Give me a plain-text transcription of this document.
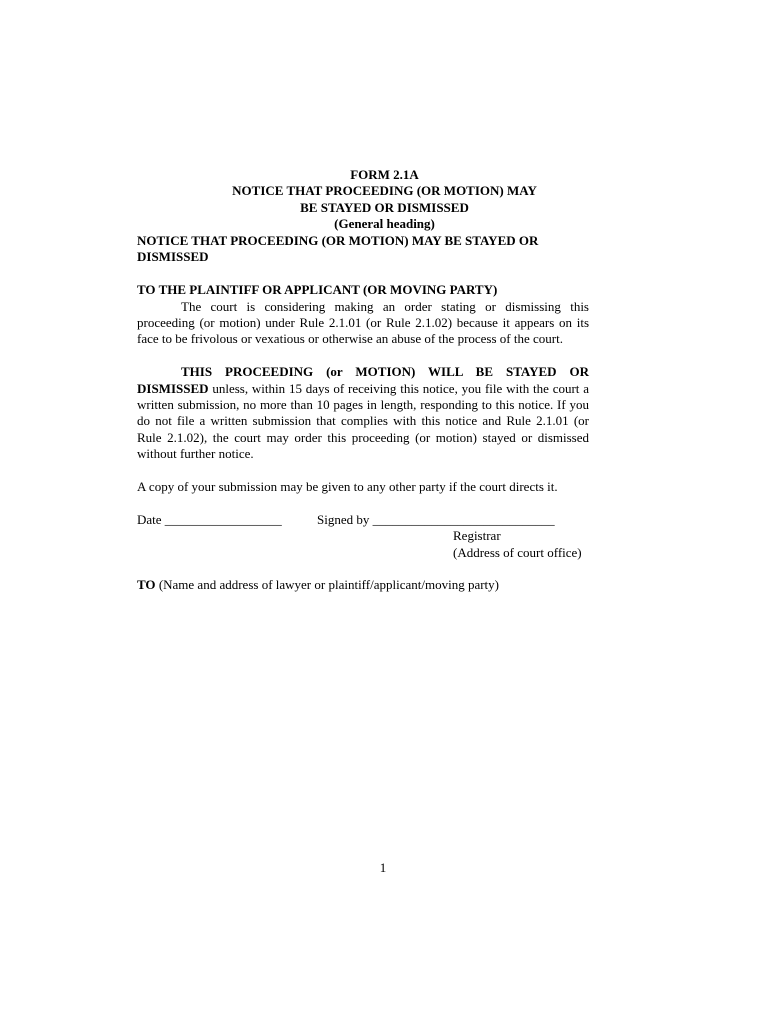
FORM 2.1A
NOTICE THAT PROCEEDING (OR MOTION) MAY
BE STAYED OR DISMISSED
(General heading)
NOTICE THAT PROCEEDING (OR MOTION) MAY BE STAYED OR
DISMISSED
TO THE PLAINTIFF OR APPLICANT (OR MOVING PARTY)

The court is considering making an order stating or dismissing this proceeding (or motion) under Rule 2.1.01 (or Rule 2.1.02) because it appears on its face to be frivolous or vexatious or otherwise an abuse of the process of the court.

THIS PROCEEDING (or MOTION) WILL BE STAYED OR DISMISSED unless, within 15 days of receiving this notice, you file with the court a written submission, no more than 10 pages in length, responding to this notice. If you do not file a written submission that complies with this notice and Rule 2.1.01 (or Rule 2.1.02), the court may order this proceeding (or motion) stayed or dismissed without further notice.

A copy of your submission may be given to any other party if the court directs it.

Date __________________	Signed by ____________________________
Registrar
(Address of court office)
TO (Name and address of lawyer or plaintiff/applicant/moving party)
1
